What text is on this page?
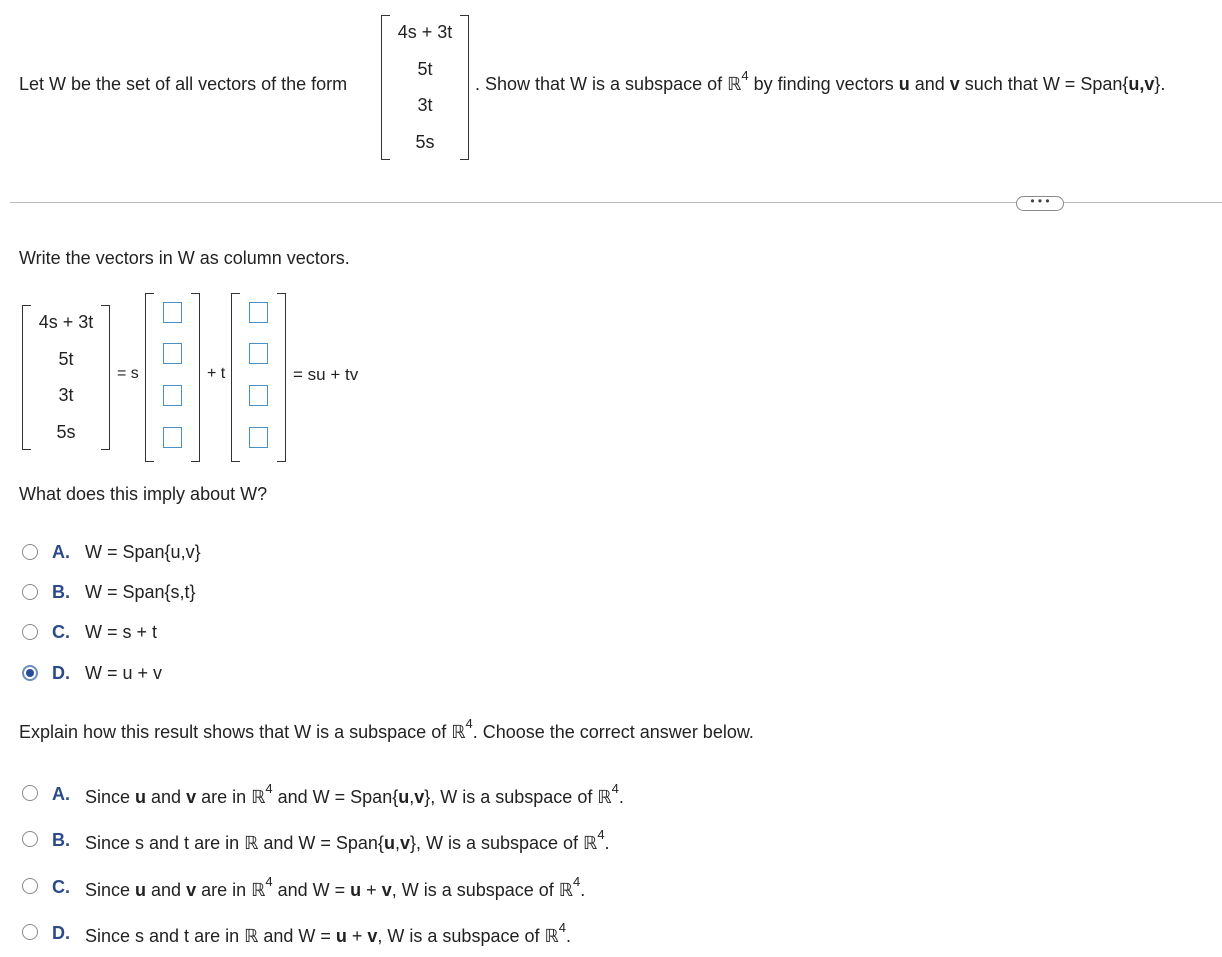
Let W be the set of all vectors of the form
4s + 3t
5t
3t
5s
. Show that W is a subspace of ℝ$^4$ by finding vectors u and v such that W = Span{u,v}.
• • •
Write the vectors in W as column vectors.
4s + 3t
5t
3t
5s
= s	+ t	= su + tv
What does this imply about W?
A. W = Span{u,v}
B. W = Span{s,t}
C. W = s + t
D. W = u + v
Explain how this result shows that W is a subspace of ℝ$^4$. Choose the correct answer below.
A. Since u and v are in ℝ$^4$ and W = Span{u,v}, W is a subspace of ℝ$^4$.
B. Since s and t are in ℝ and W = Span{u,v}, W is a subspace of ℝ$^4$.
C. Since u and v are in ℝ$^4$ and W = u + v, W is a subspace of ℝ$^4$.
D. Since s and t are in ℝ and W = u + v, W is a subspace of ℝ$^4$.
